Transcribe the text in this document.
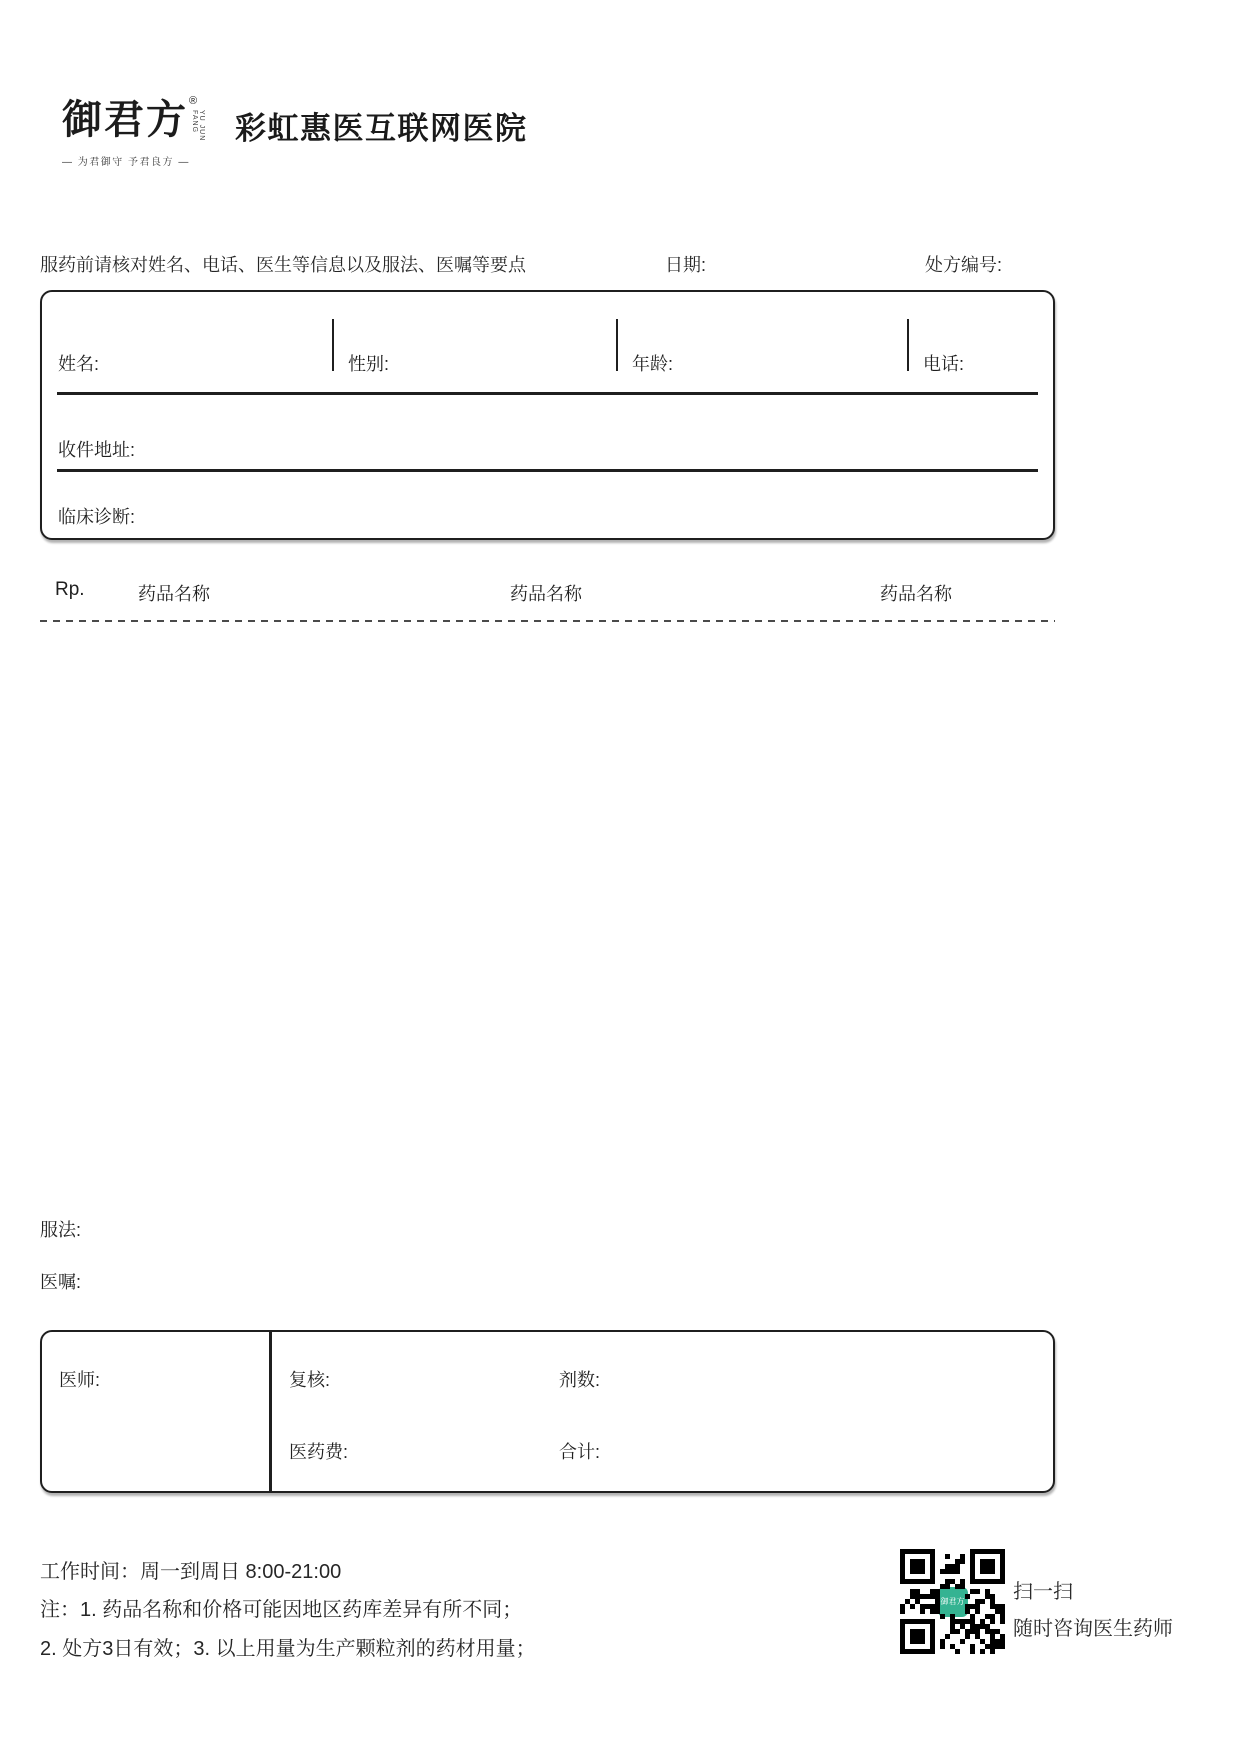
御君方 ®
YU JUN FANG
— 为君御守 予君良方 —
彩虹惠医互联网医院
服药前请核对姓名、电话、医生等信息以及服法、医嘱等要点	日期:	处方编号:
姓名:	性别:	年龄:	电话:
收件地址:
临床诊断:
Rp.	药品名称	药品名称	药品名称
服法:
医嘱:
医师:	复核:	剂数:
医药费:	合计:
工作时间：周一到周日 8:00-21:00
注：1. 药品名称和价格可能因地区药库差异有所不同；
2. 处方3日有效；3. 以上用量为生产颗粒剂的药材用量；
御君方 扫一扫
随时咨询医生药师
